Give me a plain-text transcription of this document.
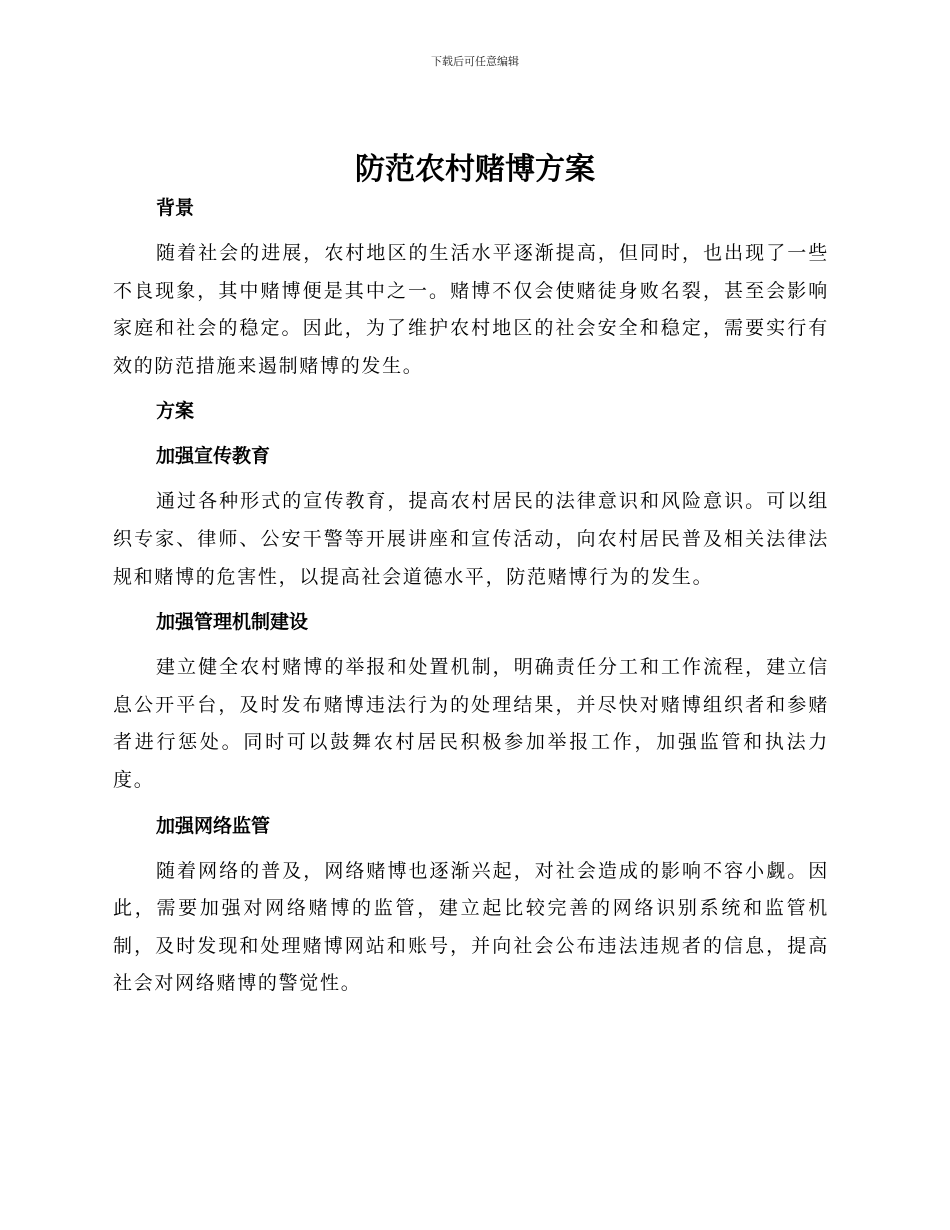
下载后可任意编辑
防范农村赌博方案
背景

随着社会的进展，农村地区的生活水平逐渐提高，但同时，也出现了一些不良现象，其中赌博便是其中之一。赌博不仅会使赌徒身败名裂，甚至会影响家庭和社会的稳定。因此，为了维护农村地区的社会安全和稳定，需要实行有效的防范措施来遏制赌博的发生。

方案
加强宣传教育

通过各种形式的宣传教育，提高农村居民的法律意识和风险意识。可以组织专家、律师、公安干警等开展讲座和宣传活动，向农村居民普及相关法律法规和赌博的危害性，以提高社会道德水平，防范赌博行为的发生。

加强管理机制建设

建立健全农村赌博的举报和处置机制，明确责任分工和工作流程，建立信息公开平台，及时发布赌博违法行为的处理结果，并尽快对赌博组织者和参赌者进行惩处。同时可以鼓舞农村居民积极参加举报工作，加强监管和执法力度。

加强网络监管

随着网络的普及，网络赌博也逐渐兴起，对社会造成的影响不容小觑。因此，需要加强对网络赌博的监管，建立起比较完善的网络识别系统和监管机制，及时发现和处理赌博网站和账号，并向社会公布违法违规者的信息，提高社会对网络赌博的警觉性。
